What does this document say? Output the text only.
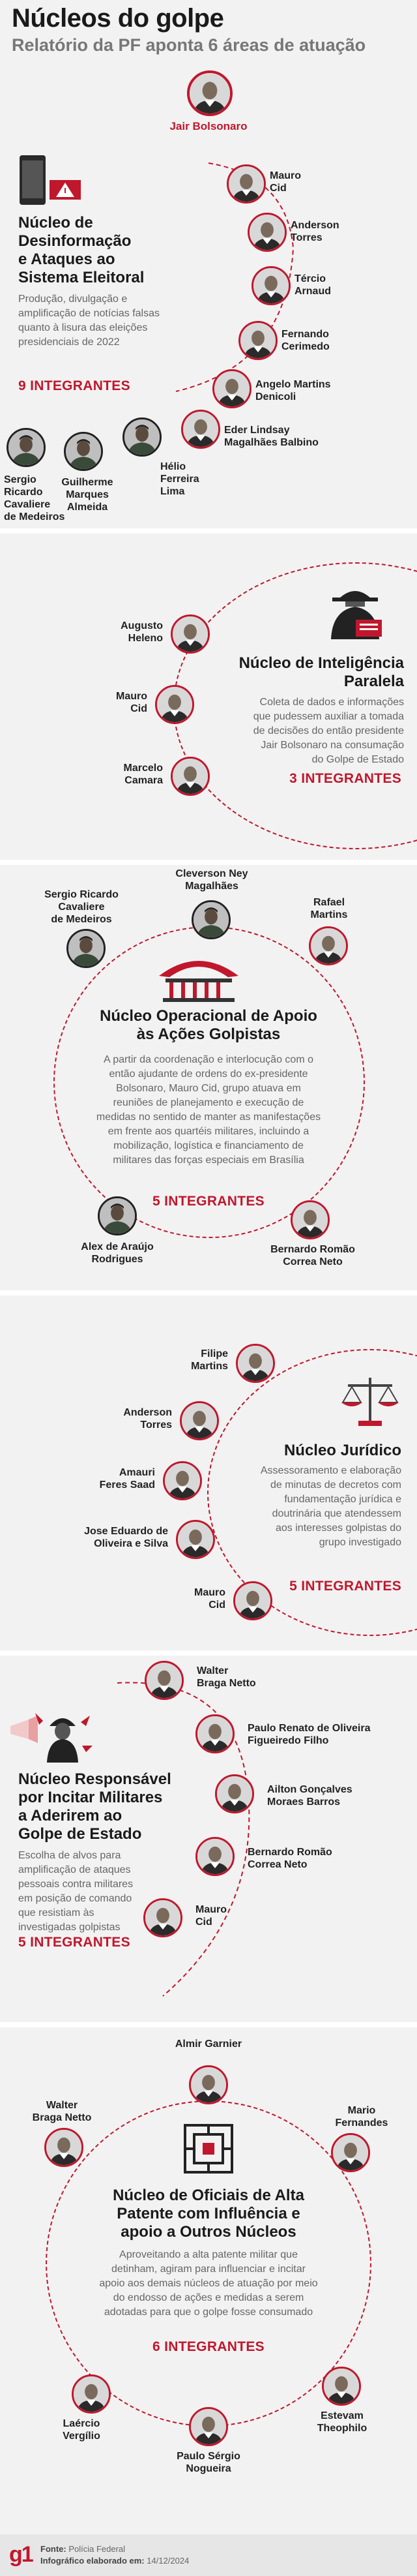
Núcleos do golpe
Relatório da PF aponta 6 áreas de atuação
Jair Bolsonaro
Núcleo de
Desinformação
e Ataques ao
Sistema Eleitoral
Produção, divulgação e
amplificação de notícias falsas
quanto à lisura das eleições
presidenciais de 2022
9 INTEGRANTES
Mauro
Cid
Anderson
Torres
Tércio
Arnaud
Fernando
Cerimedo
Angelo Martins
Denicoli
Eder Lindsay
Magalhães Balbino
Hélio
Ferreira
Lima
Guilherme
Marques
Almeida
Sergio
Ricardo
Cavaliere
de Medeiros
Núcleo de Inteligência
Paralela
Coleta de dados e informações
que pudessem auxiliar a tomada
de decisões do então presidente
Jair Bolsonaro na consumação
do Golpe de Estado
3 INTEGRANTES
Augusto
Heleno
Mauro
Cid
Marcelo
Camara
Núcleo Operacional de Apoio
às Ações Golpistas
A partir da coordenação e interlocução com o
então ajudante de ordens do ex-presidente
Bolsonaro, Mauro Cid, grupo atuava em
reuniões de planejamento e execução de
medidas no sentido de manter as manifestações
em frente aos quartéis militares, incluindo a
mobilização, logística e financiamento de
militares das forças especiais em Brasília
5 INTEGRANTES
Cleverson Ney
Magalhães
Sergio Ricardo
Cavaliere
de Medeiros
Rafael
Martins
Alex de Araújo
Rodrigues
Bernardo Romão
Correa Neto
Núcleo Jurídico
Assessoramento e elaboração
de minutas de decretos com
fundamentação jurídica e
doutrinária que atendessem
aos interesses golpistas do
grupo investigado
5 INTEGRANTES
Filipe
Martins
Anderson
Torres
Amauri
Feres Saad
Jose Eduardo de
Oliveira e Silva
Mauro
Cid
Núcleo Responsável
por Incitar Militares
a Aderirem ao
Golpe de Estado
Escolha de alvos para
amplificação de ataques
pessoais contra militares
em posição de comando
que resistiam às
investigadas golpistas
5 INTEGRANTES
Walter
Braga Netto
Paulo Renato de Oliveira
Figueiredo Filho
Ailton Gonçalves
Moraes Barros
Bernardo Romão
Correa Neto
Mauro
Cid
Núcleo de Oficiais de Alta
Patente com Influência e
apoio a Outros Núcleos
Aproveitando a alta patente militar que
detinham, agiram para influenciar e incitar
apoio aos demais núcleos de atuação por meio
do endosso de ações e medidas a serem
adotadas para que o golpe fosse consumado
6 INTEGRANTES
Almir Garnier
Walter
Braga Netto
Mario
Fernandes
Laércio
Vergílio
Estevam
Theophilo
Paulo Sérgio
Nogueira
g1 Fonte: Polícia Federal
Infográfico elaborado em: 14/12/2024
